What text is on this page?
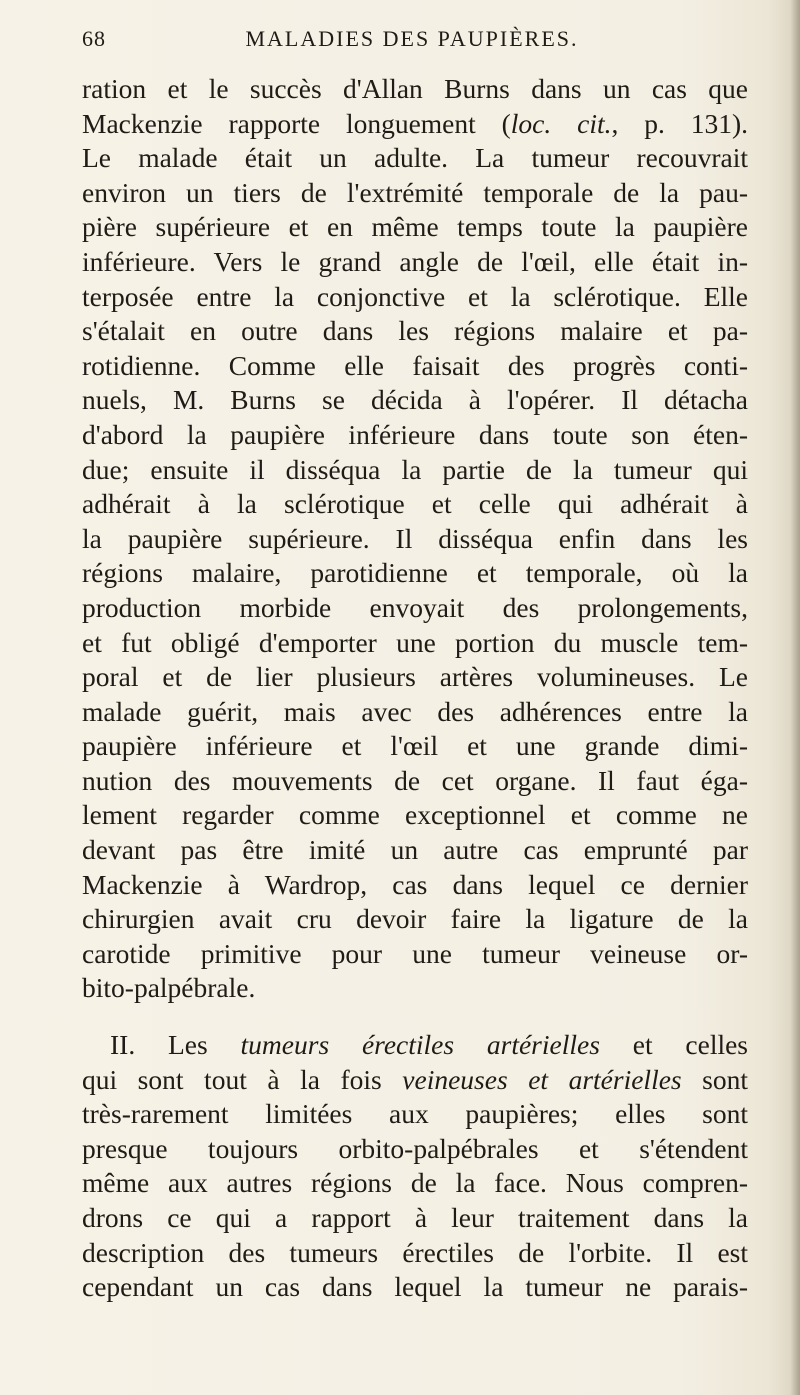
68	MALADIES DES PAUPIÈRES.
ration et le succès d'Allan Burns dans un cas que
Mackenzie rapporte longuement (loc. cit., p. 131).
Le malade était un adulte. La tumeur recouvrait
environ un tiers de l'extrémité temporale de la pau-
pière supérieure et en même temps toute la paupière
inférieure. Vers le grand angle de l'œil, elle était in-
terposée entre la conjonctive et la sclérotique. Elle
s'étalait en outre dans les régions malaire et pa-
rotidienne. Comme elle faisait des progrès conti-
nuels, M. Burns se décida à l'opérer. Il détacha
d'abord la paupière inférieure dans toute son éten-
due; ensuite il disséqua la partie de la tumeur qui
adhérait à la sclérotique et celle qui adhérait à
la paupière supérieure. Il disséqua enfin dans les
régions malaire, parotidienne et temporale, où la
production morbide envoyait des prolongements,
et fut obligé d'emporter une portion du muscle tem-
poral et de lier plusieurs artères volumineuses. Le
malade guérit, mais avec des adhérences entre la
paupière inférieure et l'œil et une grande dimi-
nution des mouvements de cet organe. Il faut éga-
lement regarder comme exceptionnel et comme ne
devant pas être imité un autre cas emprunté par
Mackenzie à Wardrop, cas dans lequel ce dernier
chirurgien avait cru devoir faire la ligature de la
carotide primitive pour une tumeur veineuse or-
bito-palpébrale.
II. Les tumeurs érectiles artérielles et celles
qui sont tout à la fois veineuses et artérielles sont
très-rarement limitées aux paupières; elles sont
presque toujours orbito-palpébrales et s'étendent
même aux autres régions de la face. Nous compren-
drons ce qui a rapport à leur traitement dans la
description des tumeurs érectiles de l'orbite. Il est
cependant un cas dans lequel la tumeur ne parais-
